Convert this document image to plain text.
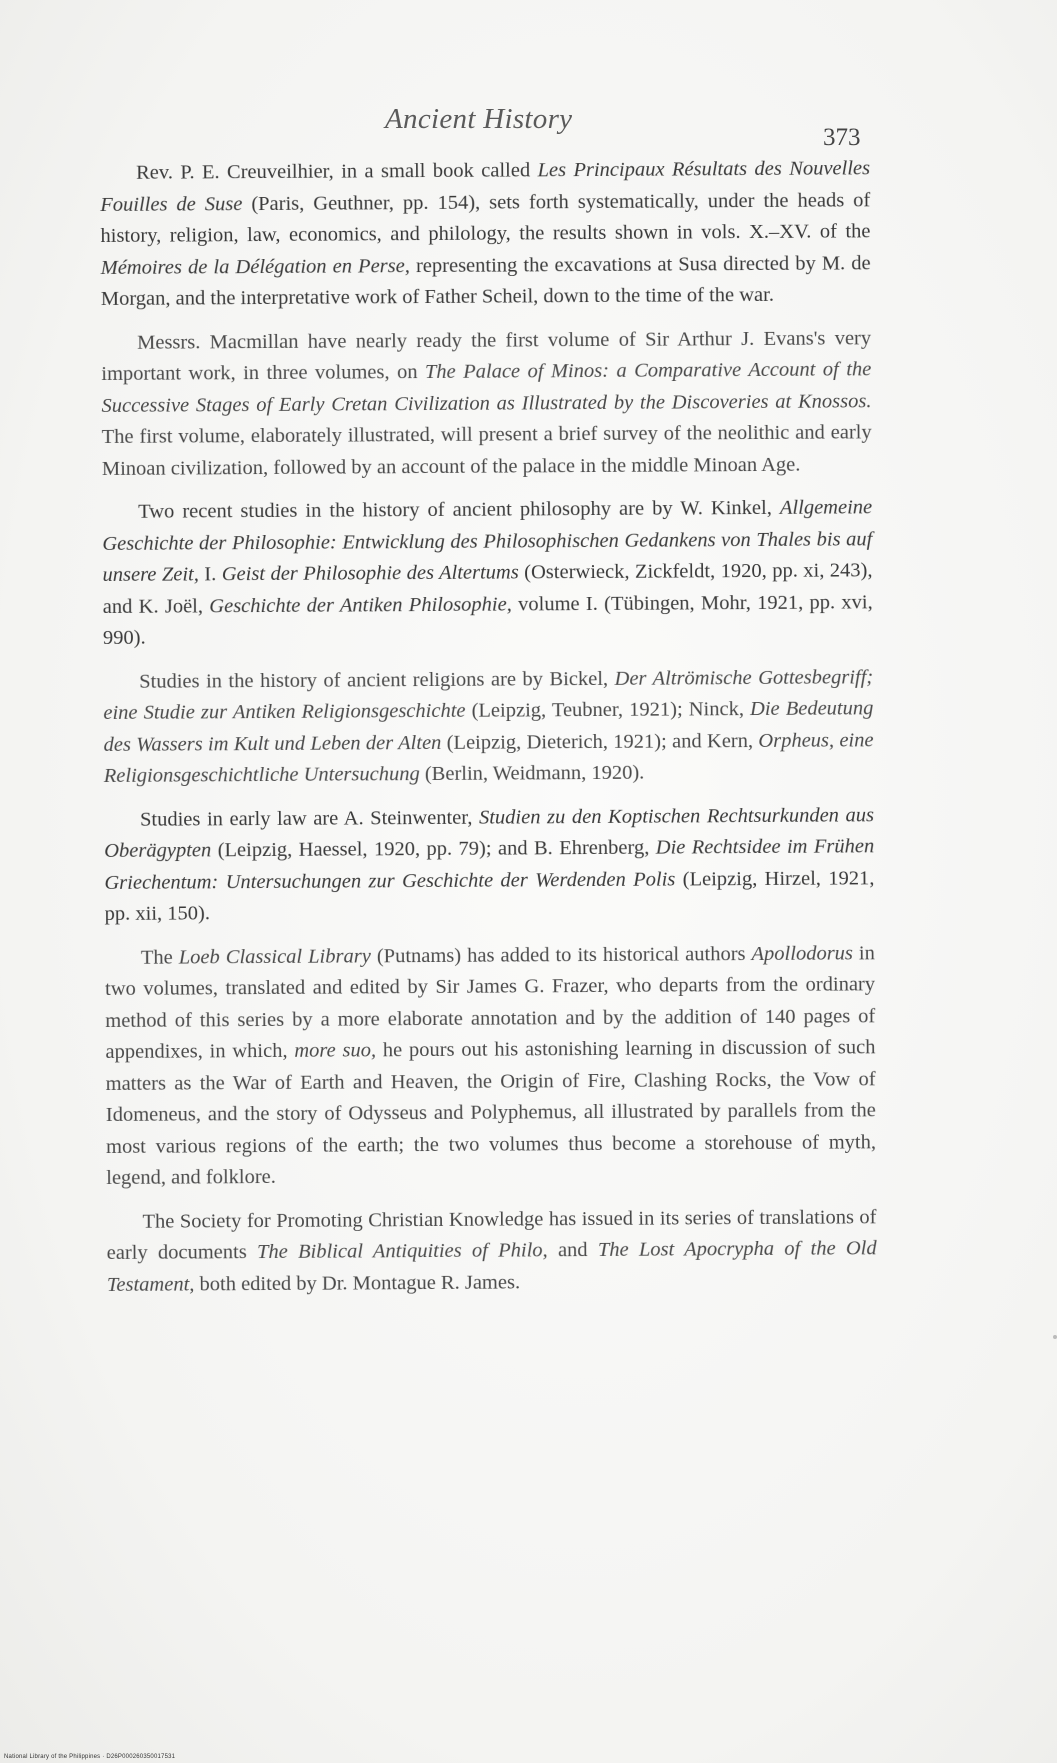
Ancient History
373

Rev. P. E. Creuveilhier, in a small book called Les Principaux Résultats des Nouvelles Fouilles de Suse (Paris, Geuthner, pp. 154), sets forth systematically, under the heads of history, religion, law, economics, and philology, the results shown in vols. X.–XV. of the Mémoires de la Délégation en Perse, representing the excavations at Susa directed by M. de Morgan, and the interpretative work of Father Scheil, down to the time of the war.

Messrs. Macmillan have nearly ready the first volume of Sir Arthur J. Evans's very important work, in three volumes, on The Palace of Minos: a Comparative Account of the Successive Stages of Early Cretan Civilization as Illustrated by the Discoveries at Knossos. The first volume, elaborately illustrated, will present a brief survey of the neolithic and early Minoan civilization, followed by an account of the palace in the middle Minoan Age.

Two recent studies in the history of ancient philosophy are by W. Kinkel, Allgemeine Geschichte der Philosophie: Entwicklung des Philosophischen Gedankens von Thales bis auf unsere Zeit, I. Geist der Philosophie des Altertums (Osterwieck, Zickfeldt, 1920, pp. xi, 243), and K. Joël, Geschichte der Antiken Philosophie, volume I. (Tübingen, Mohr, 1921, pp. xvi, 990).

Studies in the history of ancient religions are by Bickel, Der Altrömische Gottesbegriff; eine Studie zur Antiken Religionsgeschichte (Leipzig, Teubner, 1921); Ninck, Die Bedeutung des Wassers im Kult und Leben der Alten (Leipzig, Dieterich, 1921); and Kern, Orpheus, eine Religionsgeschichtliche Untersuchung (Berlin, Weidmann, 1920).

Studies in early law are A. Steinwenter, Studien zu den Koptischen Rechtsurkunden aus Oberägypten (Leipzig, Haessel, 1920, pp. 79); and B. Ehrenberg, Die Rechtsidee im Frühen Griechentum: Untersuchungen zur Geschichte der Werdenden Polis (Leipzig, Hirzel, 1921, pp. xii, 150).

The Loeb Classical Library (Putnams) has added to its historical authors Apollodorus in two volumes, translated and edited by Sir James G. Frazer, who departs from the ordinary method of this series by a more elaborate annotation and by the addition of 140 pages of appendixes, in which, more suo, he pours out his astonishing learning in discussion of such matters as the War of Earth and Heaven, the Origin of Fire, Clashing Rocks, the Vow of Idomeneus, and the story of Odysseus and Polyphemus, all illustrated by parallels from the most various regions of the earth; the two volumes thus become a storehouse of myth, legend, and folklore.

The Society for Promoting Christian Knowledge has issued in its series of translations of early documents The Biblical Antiquities of Philo, and The Lost Apocrypha of the Old Testament, both edited by Dr. Montague R. James.

National Library of the Philippines · D26P000260350017531
